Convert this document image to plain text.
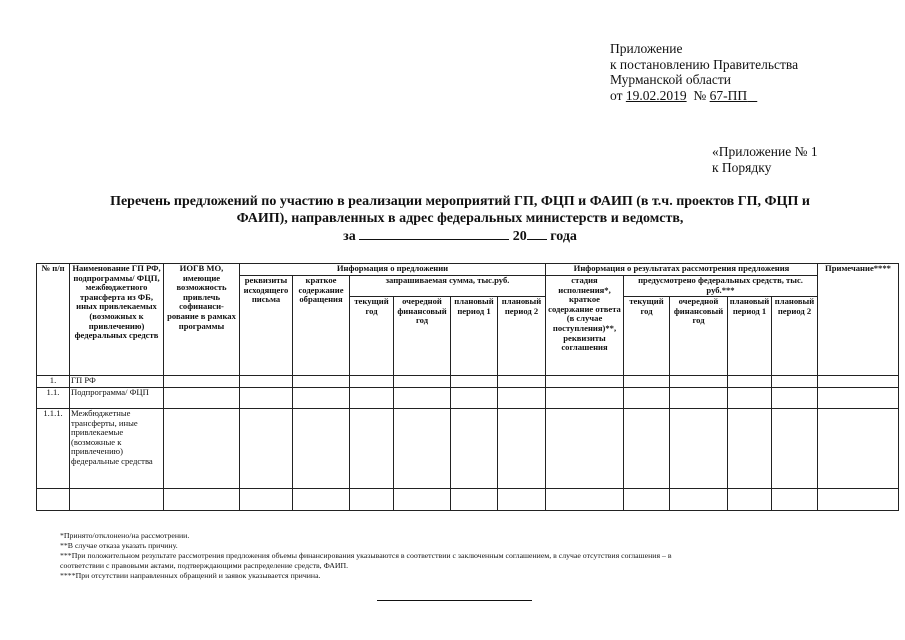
Приложение
к постановлению Правительства
Мурманской области
от 19.02.2019 № 67-ПП
«Приложение № 1
к Порядку
Перечень предложений по участию в реализации мероприятий ГП, ФЦП и ФАИП (в т.ч. проектов ГП, ФЦП и
ФАИП), направленных в адрес федеральных министерств и ведомств,
за	20 года
№ п/п	Наименование ГП РФ, подпрограммы/ ФЦП, межбюджетного трансферта из ФБ, иных привлекаемых (возможных к привлечению) федеральных средств	ИОГВ МО, имеющие возможность привлечь софинанси-рование в рамках программы	Информация о предложении						Информация о результатах рассмотрения предложения					Примечание****
			реквизиты исходящего письма	краткое содержание обращения	запрашиваемая сумма, тыс.руб.				стадия исполнения*, краткое содержание ответа (в случае поступления)**, реквизиты соглашения	предусмотрено федеральных средств, тыс. руб.***				
					текущий год	очередной финансовый год	плановый период 1	плановый период 2		текущий год	очередной финансовый год	плановый период 1	плановый период 2	
1.	ГП РФ													
1.1.	Подпрограмма/ ФЦП													
1.1.1.	Межбюджетные трансферты, иные привлекаемые (возможные к привлечению) федеральные средства													

*Принято/отклонено/на рассмотрении.
**В случае отказа указать причину.
***При положительном результате рассмотрения предложения объемы финансирования указываются в соответствии с заключенным соглашением, в случае отсутствия соглашения – в
соответствии с правовыми актами, подтверждающими распределение средств, ФАИП.
****При отсутствии направленных обращений и заявок указывается причина.
